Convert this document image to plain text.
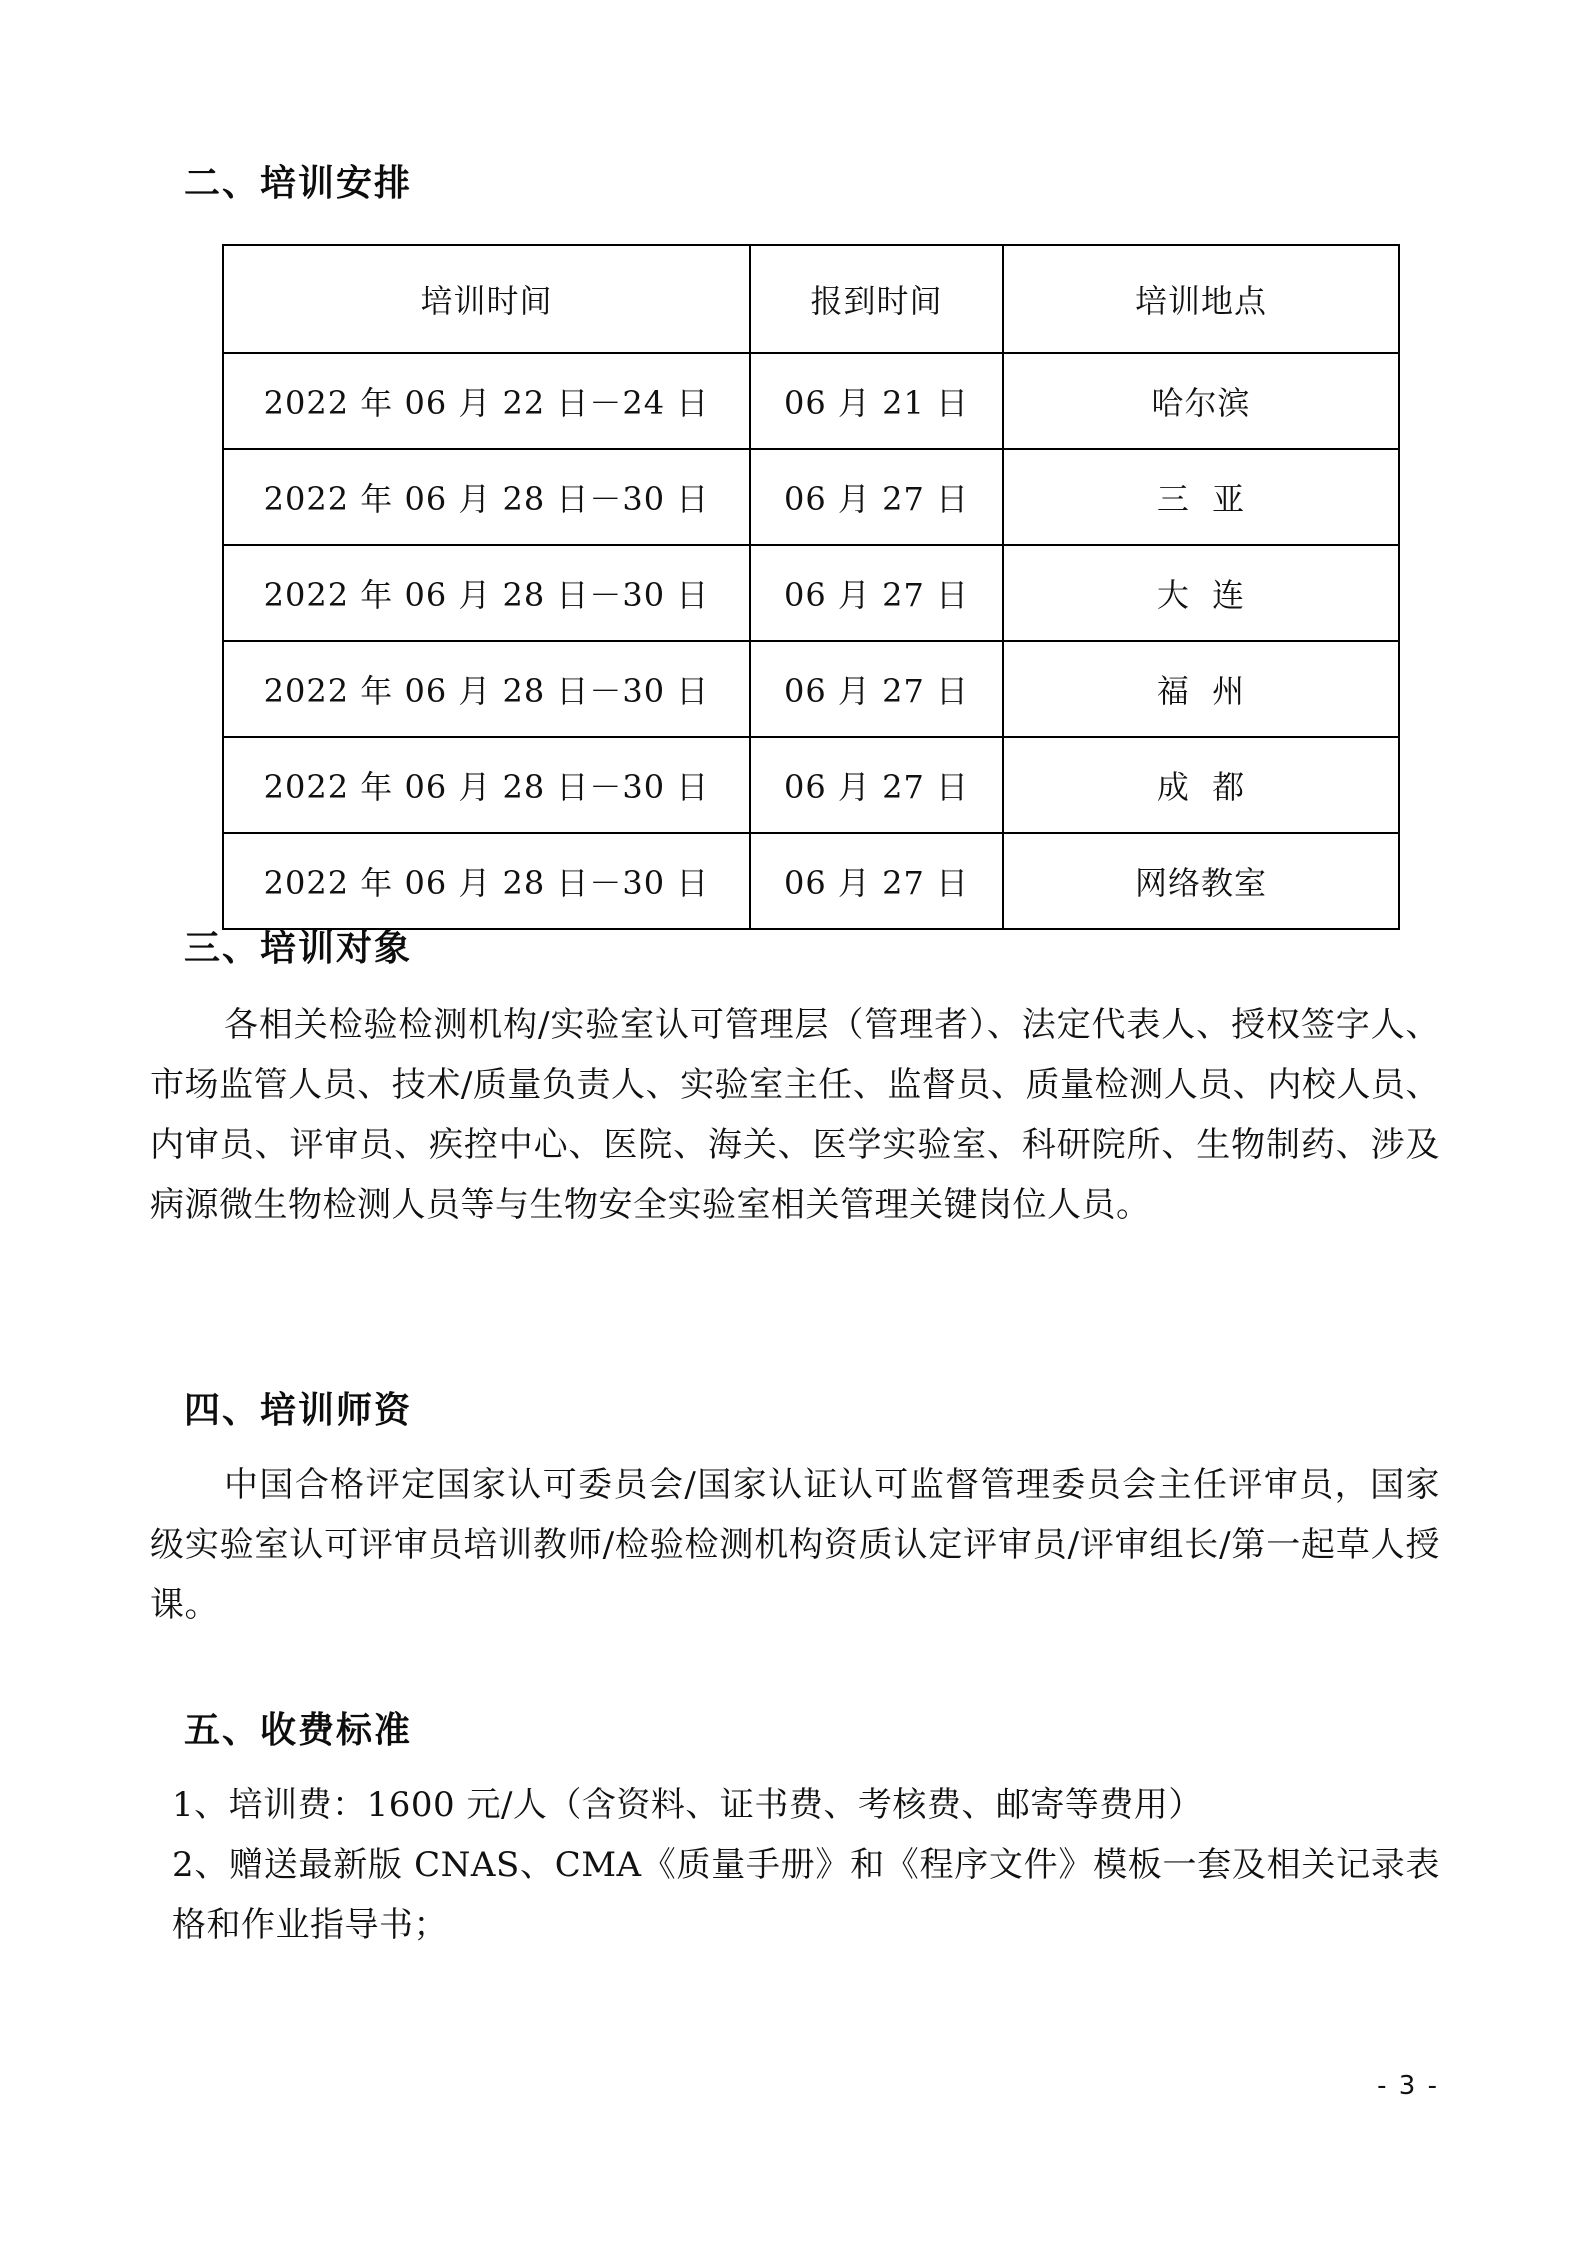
二、培训安排
培训时间	报到时间	培训地点
2022 年 06 月 22 日－24 日	06 月 21 日	哈尔滨
2022 年 06 月 28 日－30 日	06 月 27 日	三  亚
2022 年 06 月 28 日－30 日	06 月 27 日	大  连
2022 年 06 月 28 日－30 日	06 月 27 日	福  州
2022 年 06 月 28 日－30 日	06 月 27 日	成  都
2022 年 06 月 28 日－30 日	06 月 27 日	网络教室
三、培训对象

各相关检验检测机构/实验室认可管理层（管理者）、法定代表人、授权签字人、市场监管人员、技术/质量负责人、实验室主任、监督员、质量检测人员、内校人员、内审员、评审员、疾控中心、医院、海关、医学实验室、科研院所、生物制药、涉及病源微生物检测人员等与生物安全实验室相关管理关键岗位人员。

四、培训师资

中国合格评定国家认可委员会/国家认证认可监督管理委员会主任评审员，国家级实验室认可评审员培训教师/检验检测机构资质认定评审员/评审组长/第一起草人授课。

五、收费标准

1、培训费：1600 元/人（含资料、证书费、考核费、邮寄等费用）

2、赠送最新版 CNAS、CMA《质量手册》和《程序文件》模板一套及相关记录表格和作业指导书；

- 3 -
